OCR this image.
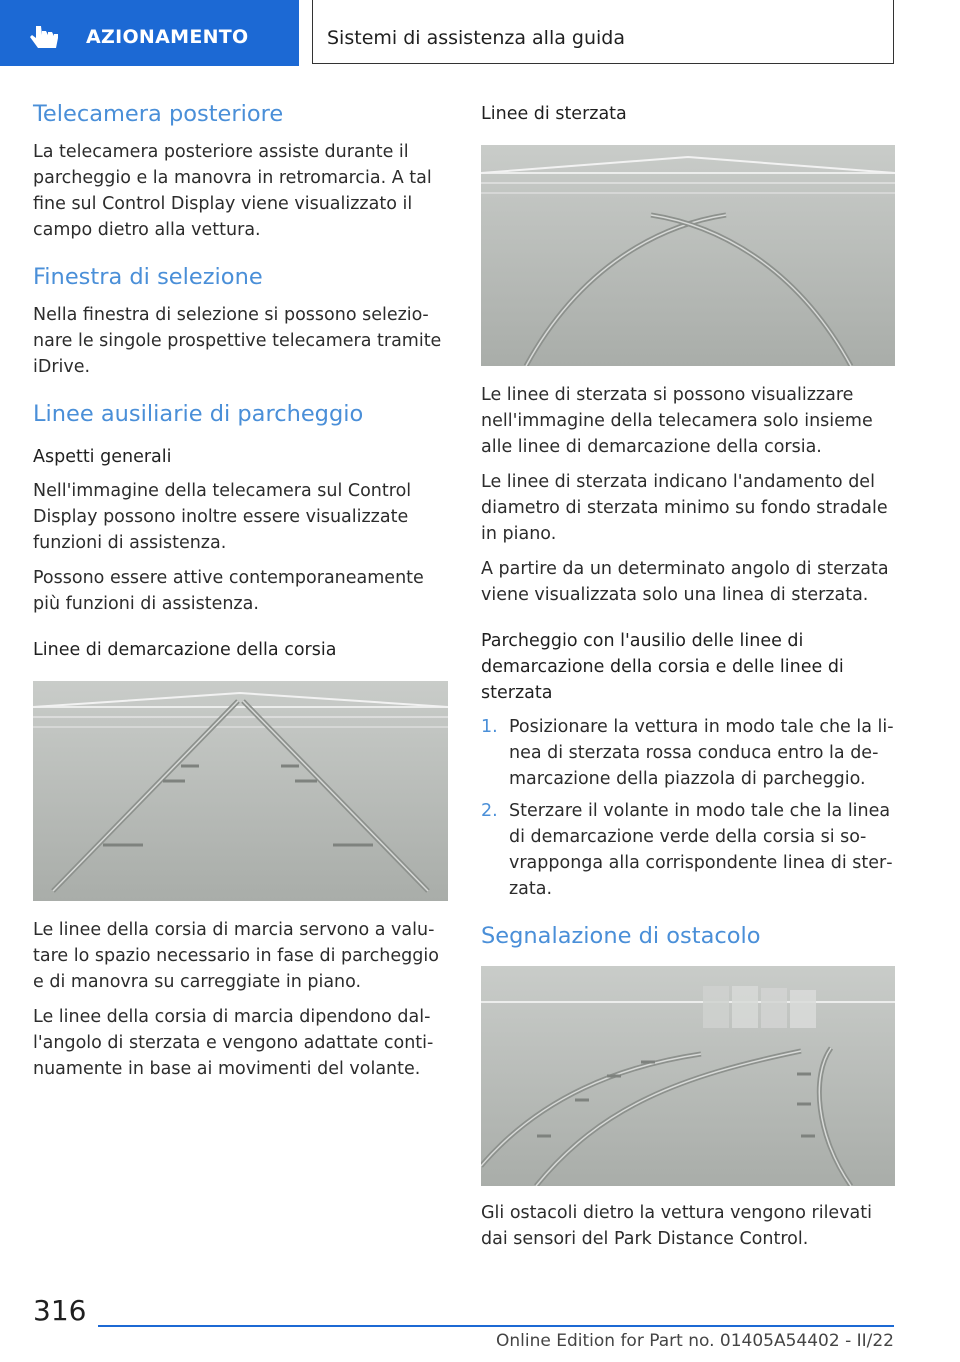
AZIONAMENTO	Sistemi di assistenza alla guida
Telecamera posteriore

La telecamera posteriore assiste durante il parcheggio e la manovra in retromarcia. A tal fine sul Control Display viene visualizzato il campo dietro alla vettura.

Finestra di selezione

Nella finestra di selezione si possono selezionare le singole prospettive telecamera tramite iDrive.

Linee ausiliarie di parcheggio
Aspetti generali

Nell'immagine della telecamera sul Control Display possono inoltre essere visualizzate funzioni di assistenza.

Possono essere attive contemporaneamente più funzioni di assistenza.

Linee di demarcazione della corsia

Le linee della corsia di marcia servono a valutare lo spazio necessario in fase di parcheggio e di manovra su carreggiate in piano.

Le linee della corsia di marcia dipendono dall'angolo di sterzata e vengono adattate continuamente in base ai movimenti del volante.

Linee di sterzata

Le linee di sterzata si possono visualizzare nell'immagine della telecamera solo insieme alle linee di demarcazione della corsia.

Le linee di sterzata indicano l'andamento del diametro di sterzata minimo su fondo stradale in piano.

A partire da un determinato angolo di sterzata viene visualizzata solo una linea di sterzata.

Parcheggio con l'ausilio delle linee di demarcazione della corsia e delle linee di sterzata
1. Posizionare la vettura in modo tale che la linea di sterzata rossa conduca entro la demarcazione della piazzola di parcheggio.
2. Sterzare il volante in modo tale che la linea di demarcazione verde della corsia si sovrapponga alla corrispondente linea di sterzata.
Segnalazione di ostacolo

Gli ostacoli dietro la vettura vengono rilevati dai sensori del Park Distance Control.

316
Online Edition for Part no. 01405A54402 - II/22
